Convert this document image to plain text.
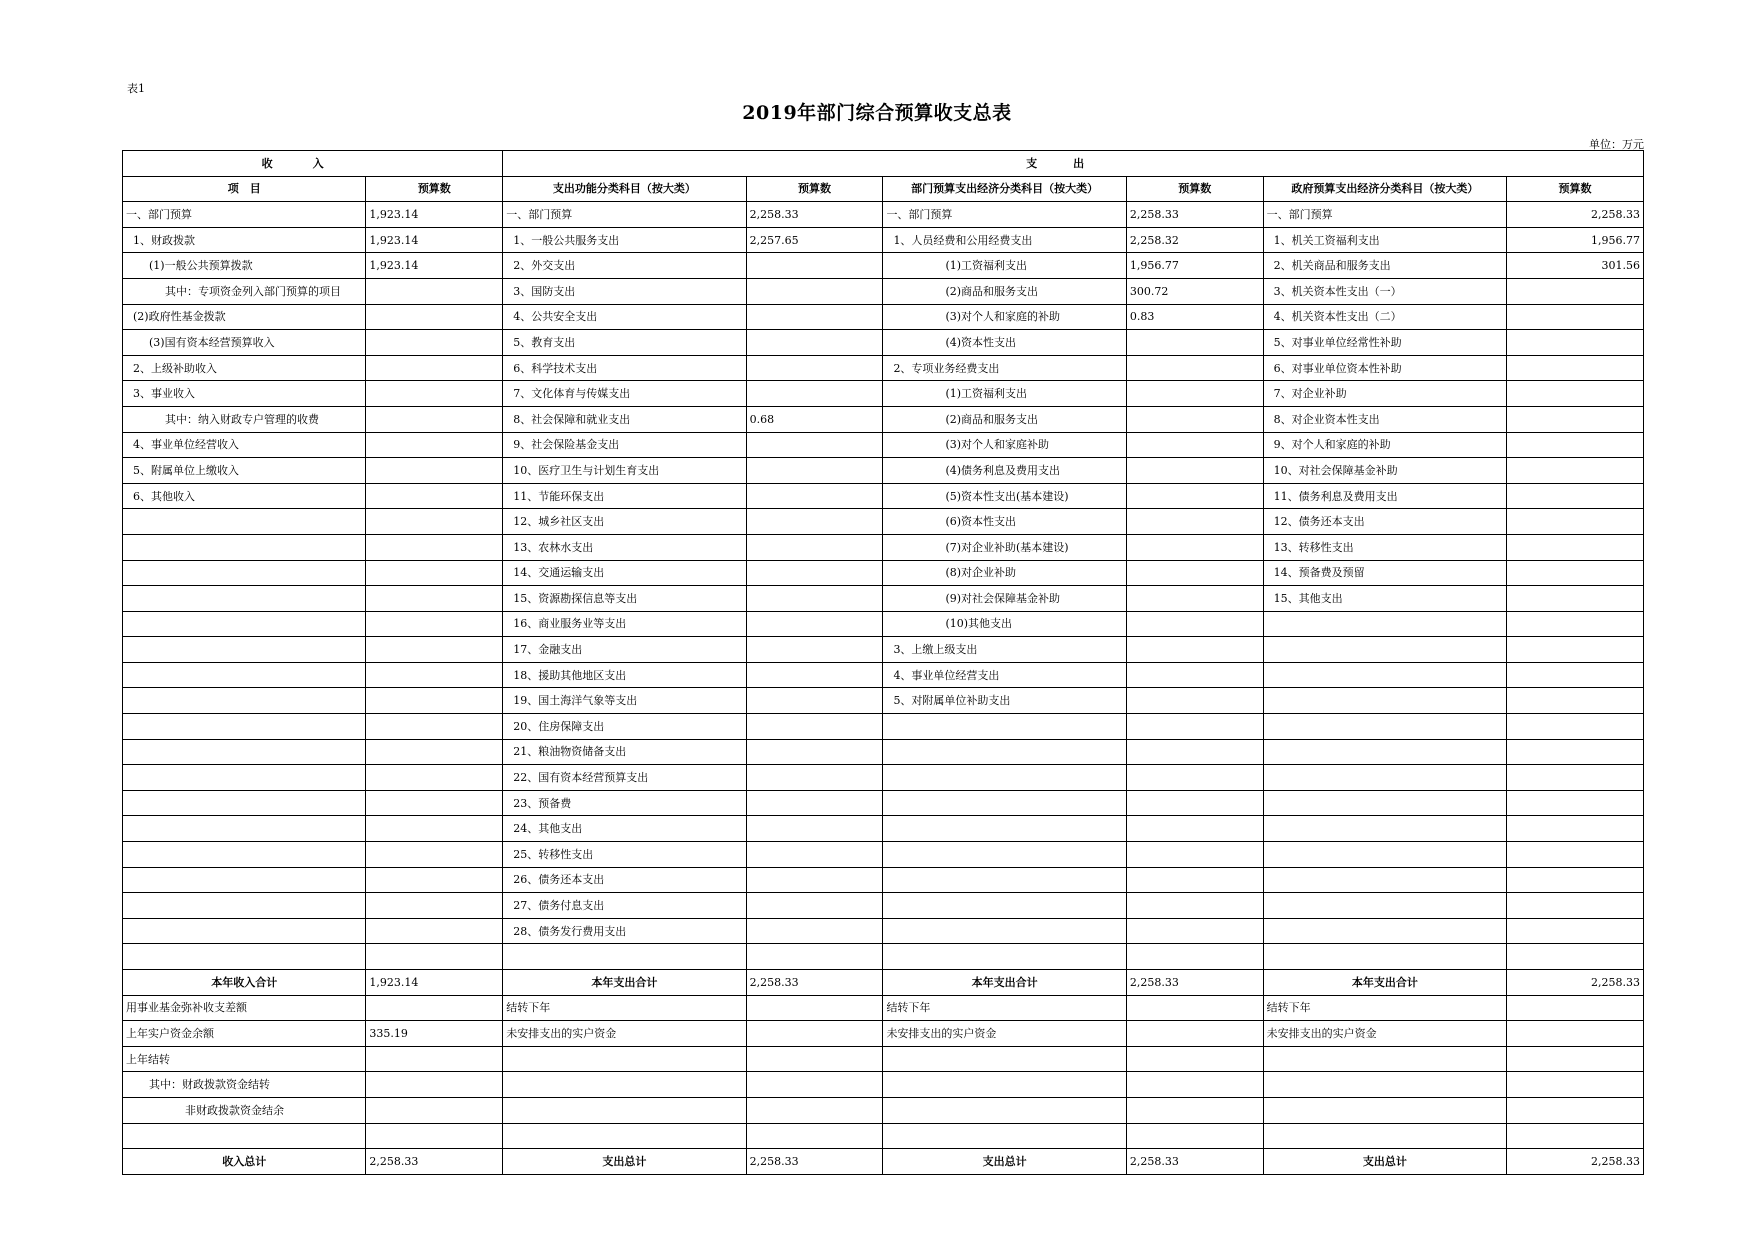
表1
2019年部门综合预算收支总表
单位：万元
收入		支出					
项　目	预算数	支出功能分类科目（按大类）	预算数	部门预算支出经济分类科目（按大类）	预算数	政府预算支出经济分类科目（按大类）	预算数
一、部门预算	1,923.14	一、部门预算	2,258.33	一、部门预算	2,258.33	一、部门预算	2,258.33
1、财政拨款	1,923.14	1、一般公共服务支出	2,257.65	1、人员经费和公用经费支出	2,258.32	1、机关工资福利支出	1,956.77
(1)一般公共预算拨款	1,923.14	2、外交支出		(1)工资福利支出	1,956.77	2、机关商品和服务支出	301.56
其中：专项资金列入部门预算的项目		3、国防支出		(2)商品和服务支出	300.72	3、机关资本性支出（一）	
(2)政府性基金拨款		4、公共安全支出		(3)对个人和家庭的补助	0.83	4、机关资本性支出（二）	
(3)国有资本经营预算收入		5、教育支出		(4)资本性支出		5、对事业单位经常性补助	
2、上级补助收入		6、科学技术支出		2、专项业务经费支出		6、对事业单位资本性补助	
3、事业收入		7、文化体育与传媒支出		(1)工资福利支出		7、对企业补助	
其中：纳入财政专户管理的收费		8、社会保障和就业支出	0.68	(2)商品和服务支出		8、对企业资本性支出	
4、事业单位经营收入		9、社会保险基金支出		(3)对个人和家庭补助		9、对个人和家庭的补助	
5、附属单位上缴收入		10、医疗卫生与计划生育支出		(4)债务利息及费用支出		10、对社会保障基金补助	
6、其他收入		11、节能环保支出		(5)资本性支出(基本建设)		11、债务利息及费用支出	
		12、城乡社区支出		(6)资本性支出		12、债务还本支出	
		13、农林水支出		(7)对企业补助(基本建设)		13、转移性支出	
		14、交通运输支出		(8)对企业补助		14、预备费及预留	
		15、资源勘探信息等支出		(9)对社会保障基金补助		15、其他支出	
		16、商业服务业等支出		(10)其他支出			
		17、金融支出		3、上缴上级支出			
		18、援助其他地区支出		4、事业单位经营支出			
		19、国土海洋气象等支出		5、对附属单位补助支出			
		20、住房保障支出					
		21、粮油物资储备支出					
		22、国有资本经营预算支出					
		23、预备费					
		24、其他支出					
		25、转移性支出					
		26、债务还本支出					
		27、债务付息支出					
		28、债务发行费用支出					

本年收入合计	1,923.14	本年支出合计	2,258.33	本年支出合计	2,258.33	本年支出合计	2,258.33
用事业基金弥补收支差额		结转下年		结转下年		结转下年	
上年实户资金余额	335.19	未安排支出的实户资金		未安排支出的实户资金		未安排支出的实户资金	
上年结转							
其中：财政拨款资金结转							
非财政拨款资金结余							

收入总计	2,258.33	支出总计	2,258.33	支出总计	2,258.33	支出总计	2,258.33
